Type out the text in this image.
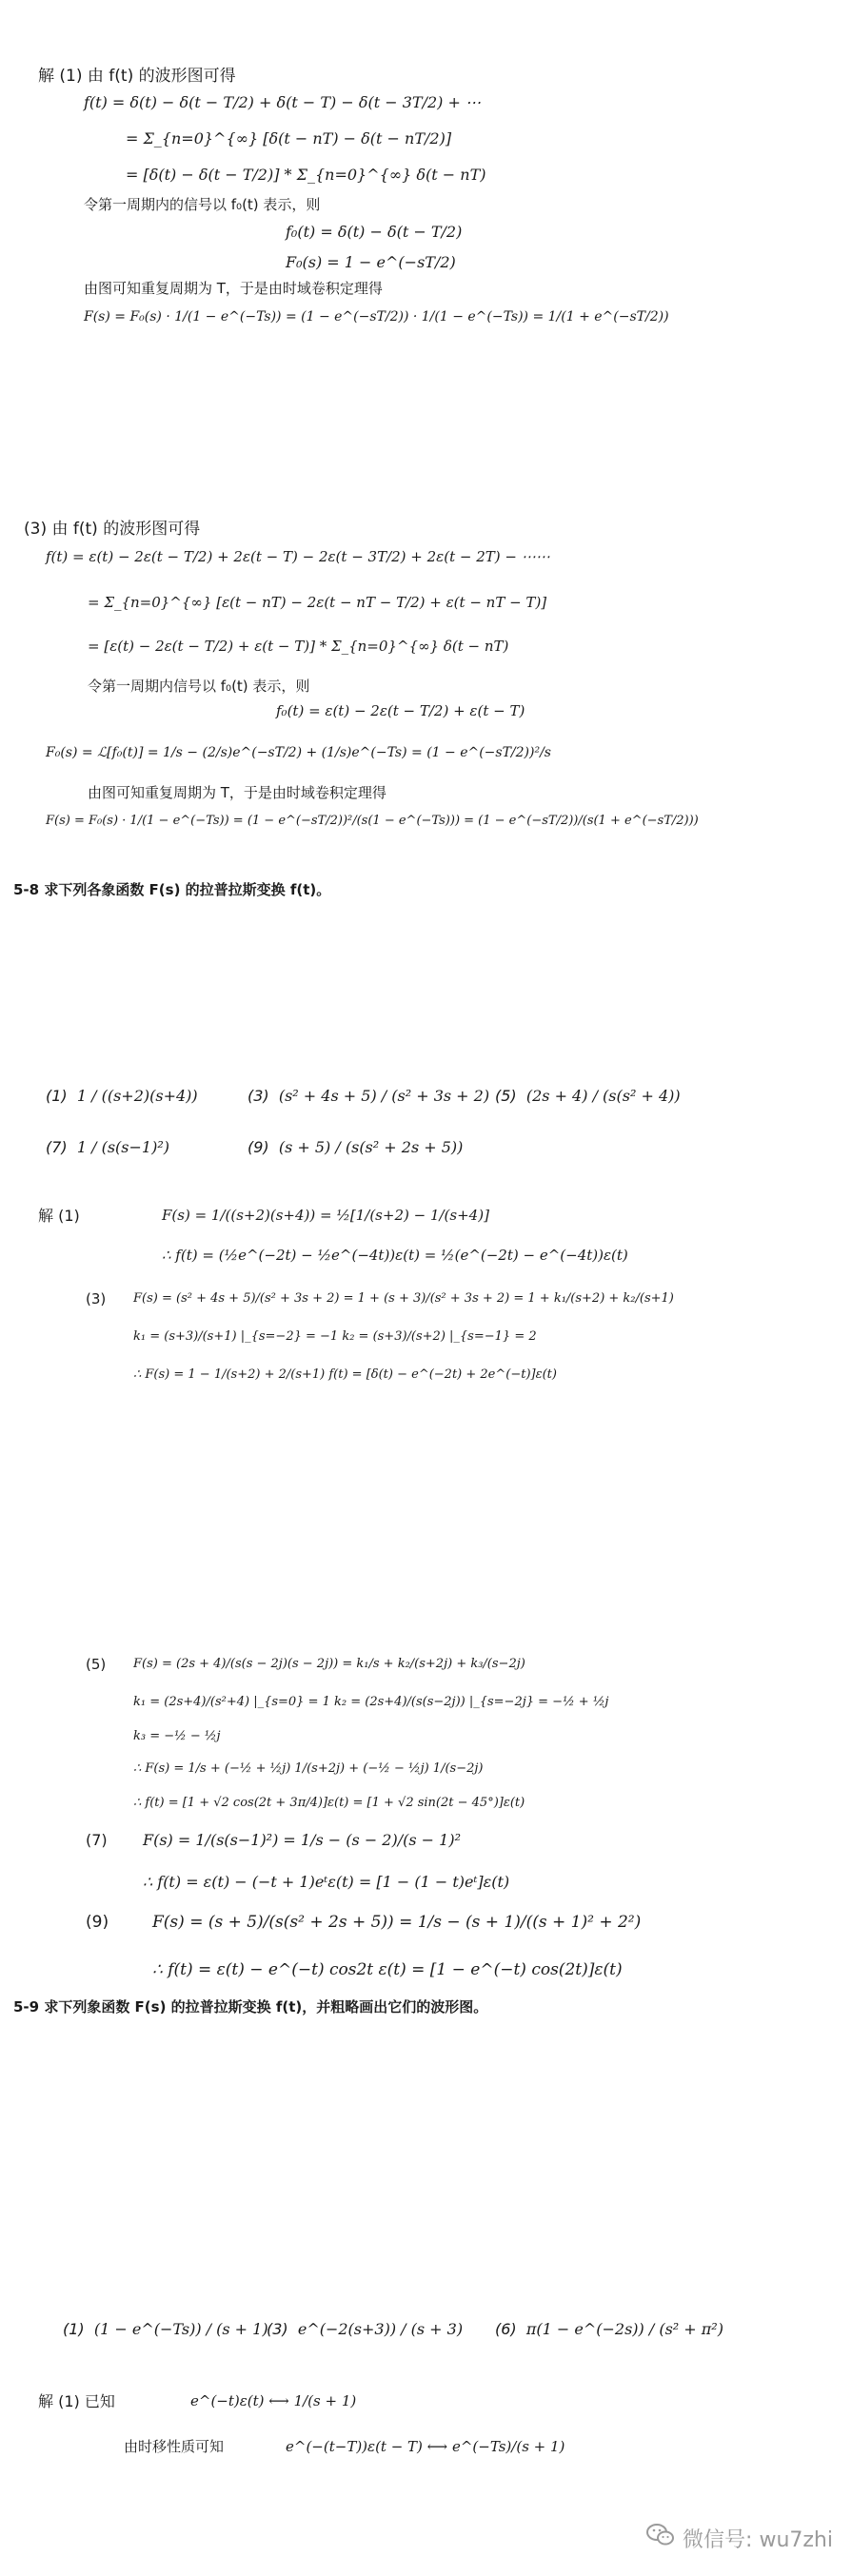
解 (1) 由 f(t) 的波形图可得
f(t) = δ(t) − δ(t − T/2) + δ(t − T) − δ(t − 3T/2) + ⋯
= Σ_{n=0}^{∞} [δ(t − nT) − δ(t − nT/2)]
= [δ(t) − δ(t − T/2)] * Σ_{n=0}^{∞} δ(t − nT)
令第一周期内的信号以 f₀(t) 表示，则
f₀(t) = δ(t) − δ(t − T/2)
F₀(s) = 1 − e^(−sT/2)
由图可知重复周期为 T，于是由时域卷积定理得
F(s) = F₀(s) · 1/(1 − e^(−Ts)) = (1 − e^(−sT/2)) · 1/(1 − e^(−Ts)) = 1/(1 + e^(−sT/2))
(3) 由 f(t) 的波形图可得
f(t) = ε(t) − 2ε(t − T/2) + 2ε(t − T) − 2ε(t − 3T/2) + 2ε(t − 2T) − ⋯⋯
= Σ_{n=0}^{∞} [ε(t − nT) − 2ε(t − nT − T/2) + ε(t − nT − T)]
= [ε(t) − 2ε(t − T/2) + ε(t − T)] * Σ_{n=0}^{∞} δ(t − nT)
令第一周期内信号以 f₀(t) 表示，则
f₀(t) = ε(t) − 2ε(t − T/2) + ε(t − T)
F₀(s) = ℒ[f₀(t)] = 1/s − (2/s)e^(−sT/2) + (1/s)e^(−Ts) = (1 − e^(−sT/2))²/s
由图可知重复周期为 T，于是由时域卷积定理得
F(s) = F₀(s) · 1/(1 − e^(−Ts)) = (1 − e^(−sT/2))²/(s(1 − e^(−Ts))) = (1 − e^(−sT/2))/(s(1 + e^(−sT/2)))
5-8 求下列各象函数 F(s) 的拉普拉斯变换 f(t)。
(1) 1 / ((s+2)(s+4))	(3) (s² + 4s + 5) / (s² + 3s + 2) (5) (2s + 4) / (s(s² + 4))
(7) 1 / (s(s−1)²)	(9) (s + 5) / (s(s² + 2s + 5))
解 (1)	F(s) = 1/((s+2)(s+4)) = ½[1/(s+2) − 1/(s+4)]
∴ f(t) = (½e^(−2t) − ½e^(−4t))ε(t) = ½(e^(−2t) − e^(−4t))ε(t)
(3) F(s) = (s² + 4s + 5)/(s² + 3s + 2) = 1 + (s + 3)/(s² + 3s + 2) = 1 + k₁/(s+2) + k₂/(s+1)
k₁ = (s+3)/(s+1) |_{s=−2} = −1 k₂ = (s+3)/(s+2) |_{s=−1} = 2
∴ F(s) = 1 − 1/(s+2) + 2/(s+1) f(t) = [δ(t) − e^(−2t) + 2e^(−t)]ε(t)
(5) F(s) = (2s + 4)/(s(s − 2j)(s − 2j)) = k₁/s + k₂/(s+2j) + k₃/(s−2j)
k₁ = (2s+4)/(s²+4) |_{s=0} = 1 k₂ = (2s+4)/(s(s−2j)) |_{s=−2j} = −½ + ½j
k₃ = −½ − ½j
∴ F(s) = 1/s + (−½ + ½j) 1/(s+2j) + (−½ − ½j) 1/(s−2j)
∴ f(t) = [1 + √2 cos(2t + 3π/4)]ε(t) = [1 + √2 sin(2t − 45°)]ε(t)
(7) F(s) = 1/(s(s−1)²) = 1/s − (s − 2)/(s − 1)²
∴ f(t) = ε(t) − (−t + 1)eᵗε(t) = [1 − (1 − t)eᵗ]ε(t)
(9)	F(s) = (s + 5)/(s(s² + 2s + 5)) = 1/s − (s + 1)/((s + 1)² + 2²)
∴ f(t) = ε(t) − e^(−t) cos2t ε(t) = [1 − e^(−t) cos(2t)]ε(t)
5-9 求下列象函数 F(s) 的拉普拉斯变换 f(t)，并粗略画出它们的波形图。
(1) (1 − e^(−Ts)) / (s + 1)
(3) e^(−2(s+3)) / (s + 3) (6) π(1 − e^(−2s)) / (s² + π²)
解 (1) 已知	e^(−t)ε(t) ⟷ 1/(s + 1)
由时移性质可知	e^(−(t−T))ε(t − T) ⟷ e^(−Ts)/(s + 1)
微信号: wu7zhi
